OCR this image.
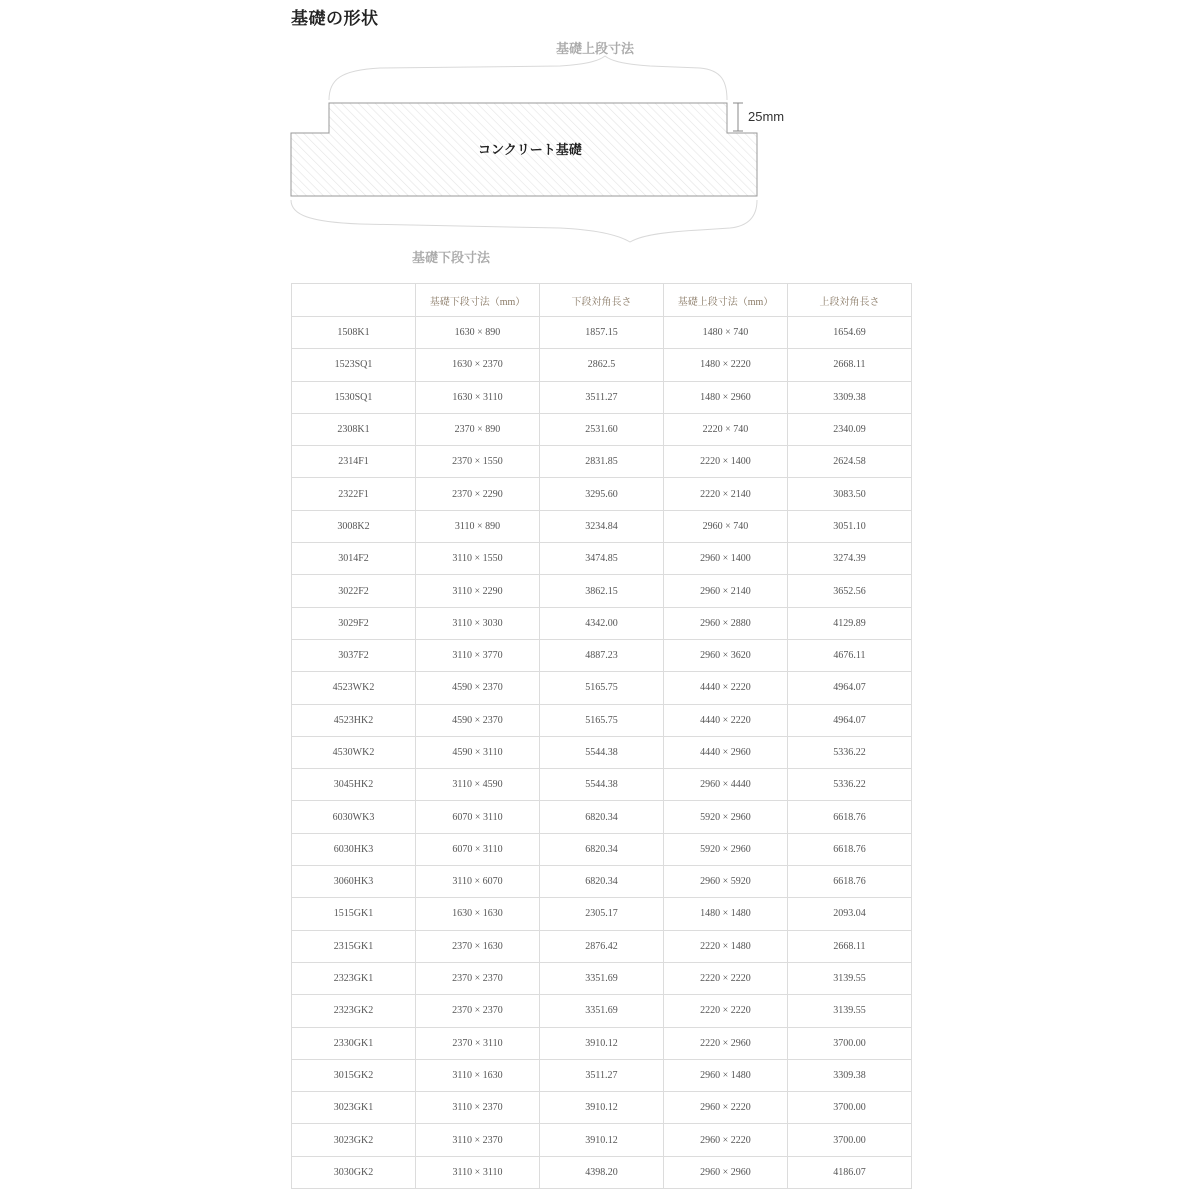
基礎の形状
基礎上段寸法
25mm
コンクリート基礎
基礎下段寸法
	基礎下段寸法（mm）	下段対角長さ	基礎上段寸法（mm）	上段対角長さ
1508K1	1630 × 890	1857.15	1480 × 740	1654.69
1523SQ1	1630 × 2370	2862.5	1480 × 2220	2668.11
1530SQ1	1630 × 3110	3511.27	1480 × 2960	3309.38
2308K1	2370 × 890	2531.60	2220 × 740	2340.09
2314F1	2370 × 1550	2831.85	2220 × 1400	2624.58
2322F1	2370 × 2290	3295.60	2220 × 2140	3083.50
3008K2	3110 × 890	3234.84	2960 × 740	3051.10
3014F2	3110 × 1550	3474.85	2960 × 1400	3274.39
3022F2	3110 × 2290	3862.15	2960 × 2140	3652.56
3029F2	3110 × 3030	4342.00	2960 × 2880	4129.89
3037F2	3110 × 3770	4887.23	2960 × 3620	4676.11
4523WK2	4590 × 2370	5165.75	4440 × 2220	4964.07
4523HK2	4590 × 2370	5165.75	4440 × 2220	4964.07
4530WK2	4590 × 3110	5544.38	4440 × 2960	5336.22
3045HK2	3110 × 4590	5544.38	2960 × 4440	5336.22
6030WK3	6070 × 3110	6820.34	5920 × 2960	6618.76
6030HK3	6070 × 3110	6820.34	5920 × 2960	6618.76
3060HK3	3110 × 6070	6820.34	2960 × 5920	6618.76
1515GK1	1630 × 1630	2305.17	1480 × 1480	2093.04
2315GK1	2370 × 1630	2876.42	2220 × 1480	2668.11
2323GK1	2370 × 2370	3351.69	2220 × 2220	3139.55
2323GK2	2370 × 2370	3351.69	2220 × 2220	3139.55
2330GK1	2370 × 3110	3910.12	2220 × 2960	3700.00
3015GK2	3110 × 1630	3511.27	2960 × 1480	3309.38
3023GK1	3110 × 2370	3910.12	2960 × 2220	3700.00
3023GK2	3110 × 2370	3910.12	2960 × 2220	3700.00
3030GK2	3110 × 3110	4398.20	2960 × 2960	4186.07
